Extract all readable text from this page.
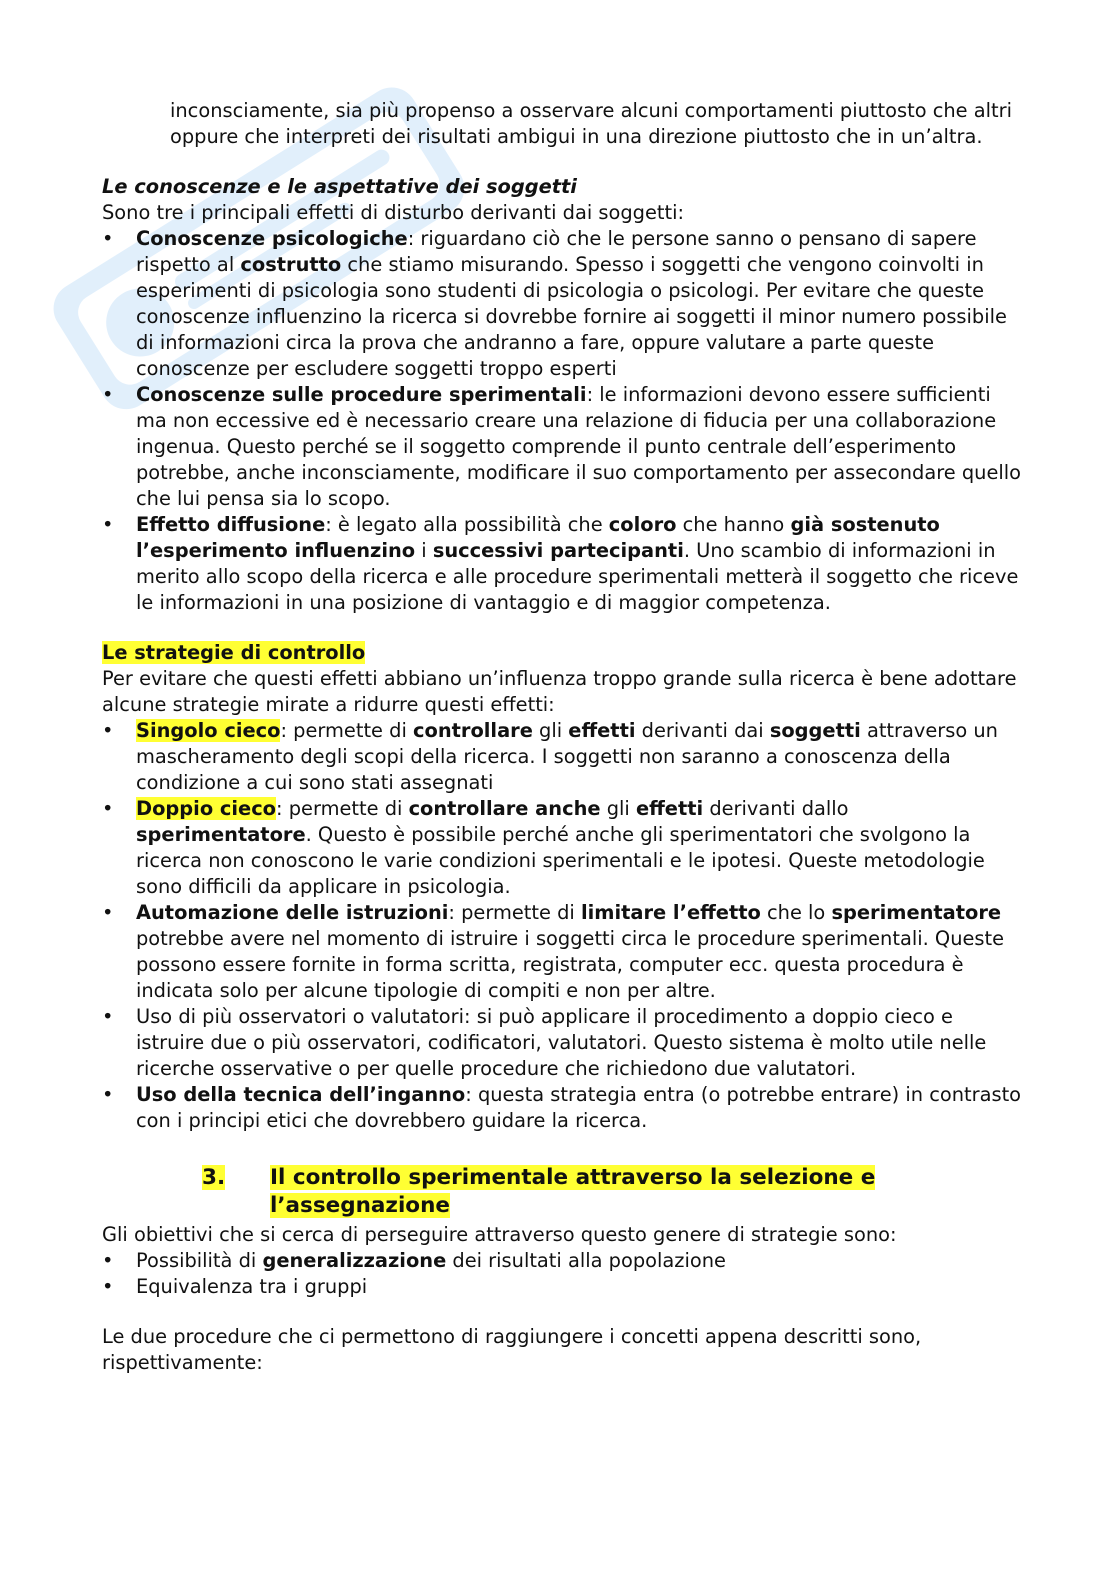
inconsciamente, sia più propenso a osservare alcuni comportamenti piuttosto che altri oppure che interpreti dei risultati ambigui in una direzione piuttosto che in un’altra.

Le conoscenze e le aspettative dei soggetti

Sono tre i principali effetti di disturbo derivanti dai soggetti:

• Conoscenze psicologiche: riguardano ciò che le persone sanno o pensano di sapere rispetto al costrutto che stiamo misurando. Spesso i soggetti che vengono coinvolti in esperimenti di psicologia sono studenti di psicologia o psicologi. Per evitare che queste conoscenze influenzino la ricerca si dovrebbe fornire ai soggetti il minor numero possibile di informazioni circa la prova che andranno a fare, oppure valutare a parte queste conoscenze per escludere soggetti troppo esperti
• Conoscenze sulle procedure sperimentali: le informazioni devono essere sufficienti ma non eccessive ed è necessario creare una relazione di fiducia per una collaborazione ingenua. Questo perché se il soggetto comprende il punto centrale dell’esperimento potrebbe, anche inconsciamente, modificare il suo comportamento per assecondare quello che lui pensa sia lo scopo.
• Effetto diffusione: è legato alla possibilità che coloro che hanno già sostenuto l’esperimento influenzino i successivi partecipanti. Uno scambio di informazioni in merito allo scopo della ricerca e alle procedure sperimentali metterà il soggetto che riceve le informazioni in una posizione di vantaggio e di maggior competenza.

Le strategie di controllo

Per evitare che questi effetti abbiano un’influenza troppo grande sulla ricerca è bene adottare alcune strategie mirate a ridurre questi effetti:

• Singolo cieco: permette di controllare gli effetti derivanti dai soggetti attraverso un mascheramento degli scopi della ricerca. I soggetti non saranno a conoscenza della condizione a cui sono stati assegnati
• Doppio cieco: permette di controllare anche gli effetti derivanti dallo sperimentatore. Questo è possibile perché anche gli sperimentatori che svolgono la ricerca non conoscono le varie condizioni sperimentali e le ipotesi. Queste metodologie sono difficili da applicare in psicologia.
• Automazione delle istruzioni: permette di limitare l’effetto che lo sperimentatore potrebbe avere nel momento di istruire i soggetti circa le procedure sperimentali. Queste possono essere fornite in forma scritta, registrata, computer ecc. questa procedura è indicata solo per alcune tipologie di compiti e non per altre.
• Uso di più osservatori o valutatori: si può applicare il procedimento a doppio cieco e istruire due o più osservatori, codificatori, valutatori. Questo sistema è molto utile nelle ricerche osservative o per quelle procedure che richiedono due valutatori.
• Uso della tecnica dell’inganno: questa strategia entra (o potrebbe entrare) in contrasto con i principi etici che dovrebbero guidare la ricerca.
3.	Il controllo sperimentale attraverso la selezione e l’assegnazione

Gli obiettivi che si cerca di perseguire attraverso questo genere di strategie sono:

• Possibilità di generalizzazione dei risultati alla popolazione
• Equivalenza tra i gruppi

Le due procedure che ci permettono di raggiungere i concetti appena descritti sono, rispettivamente:
